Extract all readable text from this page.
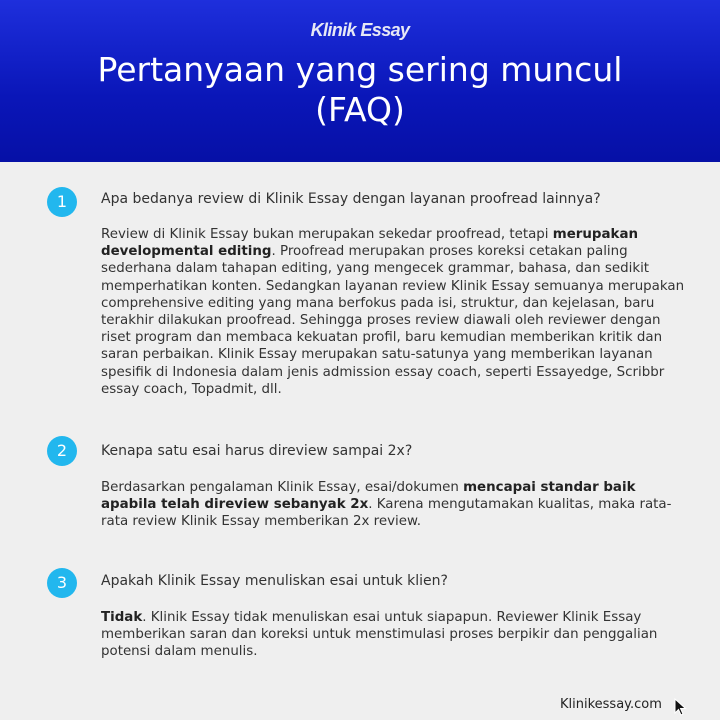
Klinik Essay
Pertanyaan yang sering muncul
(FAQ)
1	Apa bedanya review di Klinik Essay dengan layanan proofread lainnya?
Review di Klinik Essay bukan merupakan sekedar proofread, tetapi merupakan developmental editing. Proofread merupakan proses koreksi cetakan paling sederhana dalam tahapan editing, yang mengecek grammar, bahasa, dan sedikit memperhatikan konten. Sedangkan layanan review Klinik Essay semuanya merupakan comprehensive editing yang mana berfokus pada isi, struktur, dan kejelasan, baru terakhir dilakukan proofread. Sehingga proses review diawali oleh reviewer dengan riset program dan membaca kekuatan profil, baru kemudian memberikan kritik dan saran perbaikan. Klinik Essay merupakan satu-satunya yang memberikan layanan spesifik di Indonesia dalam jenis admission essay coach, seperti Essayedge, Scribbr essay coach, Topadmit, dll.
2	Kenapa satu esai harus direview sampai 2x?
Berdasarkan pengalaman Klinik Essay, esai/dokumen mencapai standar baik apabila telah direview sebanyak 2x. Karena mengutamakan kualitas, maka rata-rata review Klinik Essay memberikan 2x review.
3	Apakah Klinik Essay menuliskan esai untuk klien?
Tidak. Klinik Essay tidak menuliskan esai untuk siapapun. Reviewer Klinik Essay memberikan saran dan koreksi untuk menstimulasi proses berpikir dan penggalian potensi dalam menulis.
Klinikessay.com
